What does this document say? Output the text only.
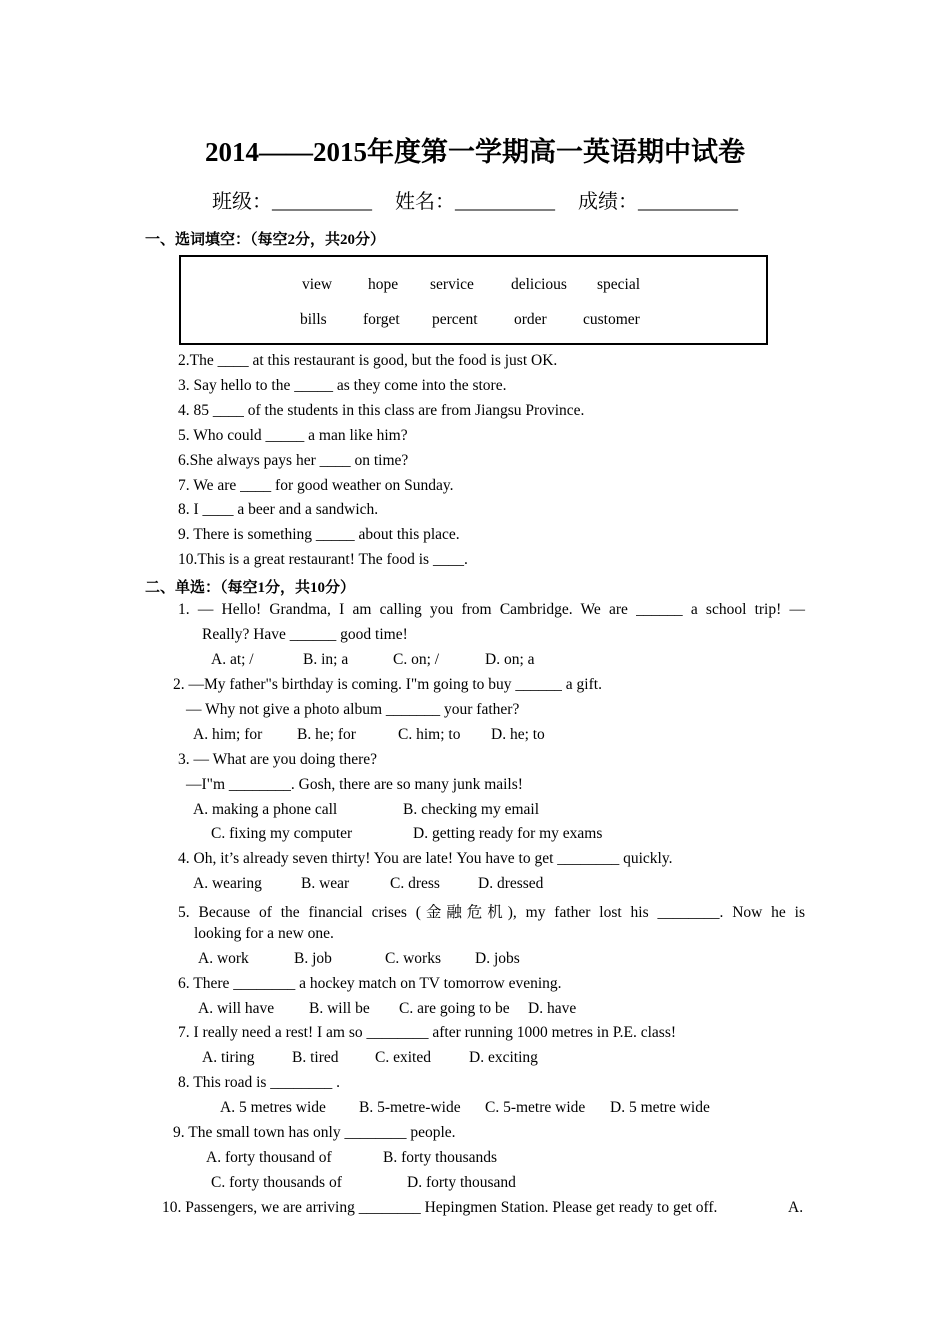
2014——2015年度第一学期高一英语期中试卷
班级：__________ 姓名：__________ 成绩：__________
一、选词填空：（每空2分，共20分）
view hope service delicious special
bills forget percent order customer
2.The ____ at this restaurant is good, but the food is just OK.
3. Say hello to the _____ as they come into the store.
4. 85 ____ of the students in this class are from Jiangsu Province.
5. Who could _____ a man like him?
6.She always pays her ____ on time?
7. We are ____ for good weather on Sunday.
8. I ____ a beer and a sandwich.
9. There is something _____ about this place.
10.This is a great restaurant! The food is ____.
二、单选：（每空1分，共10分）
1. — Hello! Grandma, I am calling you from Cambridge. We are ______ a school trip! —
Really? Have ______ good time!
A. at; /	B. in; a	C. on; /	D. on; a
2. —My father"s birthday is coming. I"m going to buy ______ a gift.
— Why not give a photo album _______ your father?
A. him; for B. he; for	C. him; to D. he; to
3. — What are you doing there?
—I"m ________. Gosh, there are so many junk mails!
A. making a phone call	B. checking my email
C. fixing my computer	D. getting ready for my exams
4. Oh, it’s already seven thirty! You are late! You have to get ________ quickly.
A. wearing	B. wear	C. dress D. dressed
5. Because of the financial crises (金融危机), my father lost his ________. Now he is
looking for a new one.
A. work	B. job	C. works D. jobs
6. There ________ a hockey match on TV tomorrow evening.
A. will have B. will be C. are going to be D. have
7. I really need a rest! I am so ________ after running 1000 metres in P.E. class!
A. tiring B. tired C. exited D. exciting
8. This road is ________ .
A. 5 metres wide B. 5-metre-wide C. 5-metre wide D. 5 metre wide
9. The small town has only ________ people.
A. forty thousand of	B. forty thousands
C. forty thousands of	D. forty thousand
10. Passengers, we are arriving ________ Hepingmen Station. Please get ready to get off.	A.
